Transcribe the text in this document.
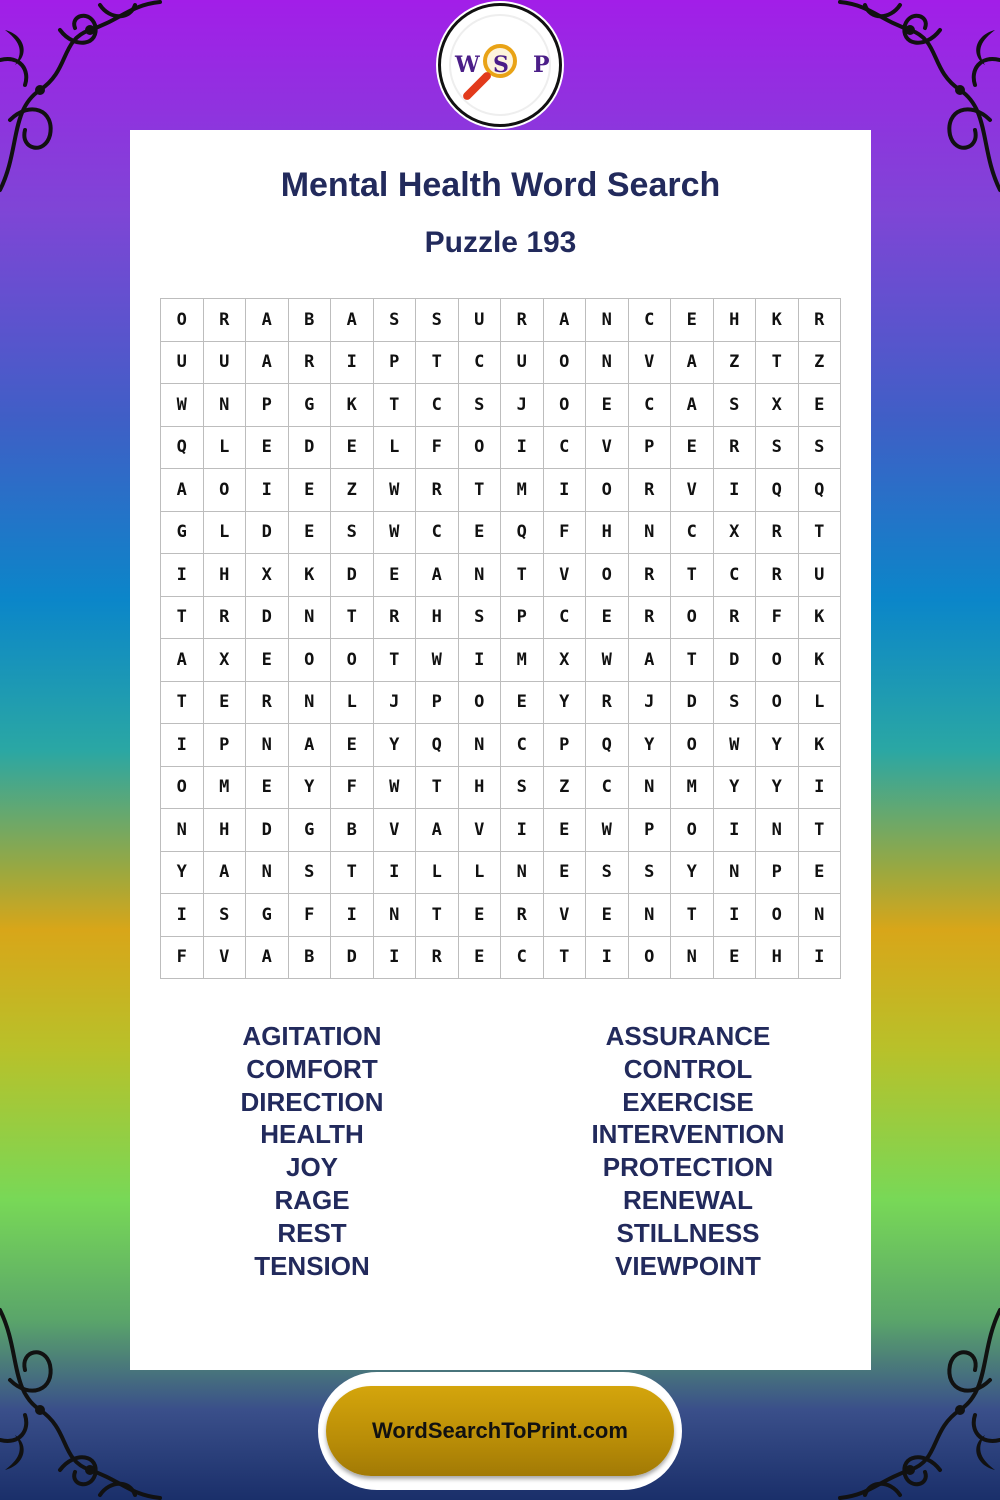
W S P
Mental Health Word Search
Puzzle 193
O	R	A	B	A	S	S	U	R	A	N	C	E	H	K	R
U	U	A	R	I	P	T	C	U	O	N	V	A	Z	T	Z
W	N	P	G	K	T	C	S	J	O	E	C	A	S	X	E
Q	L	E	D	E	L	F	O	I	C	V	P	E	R	S	S
A	O	I	E	Z	W	R	T	M	I	O	R	V	I	Q	Q
G	L	D	E	S	W	C	E	Q	F	H	N	C	X	R	T
I	H	X	K	D	E	A	N	T	V	O	R	T	C	R	U
T	R	D	N	T	R	H	S	P	C	E	R	O	R	F	K
A	X	E	O	O	T	W	I	M	X	W	A	T	D	O	K
T	E	R	N	L	J	P	O	E	Y	R	J	D	S	O	L
I	P	N	A	E	Y	Q	N	C	P	Q	Y	O	W	Y	K
O	M	E	Y	F	W	T	H	S	Z	C	N	M	Y	Y	I
N	H	D	G	B	V	A	V	I	E	W	P	O	I	N	T
Y	A	N	S	T	I	L	L	N	E	S	S	Y	N	P	E
I	S	G	F	I	N	T	E	R	V	E	N	T	I	O	N
F	V	A	B	D	I	R	E	C	T	I	O	N	E	H	I
AGITATION
COMFORT
DIRECTION
HEALTH
JOY
RAGE
REST
TENSION
ASSURANCE
CONTROL
EXERCISE
INTERVENTION
PROTECTION
RENEWAL
STILLNESS
VIEWPOINT
WordSearchToPrint.com
